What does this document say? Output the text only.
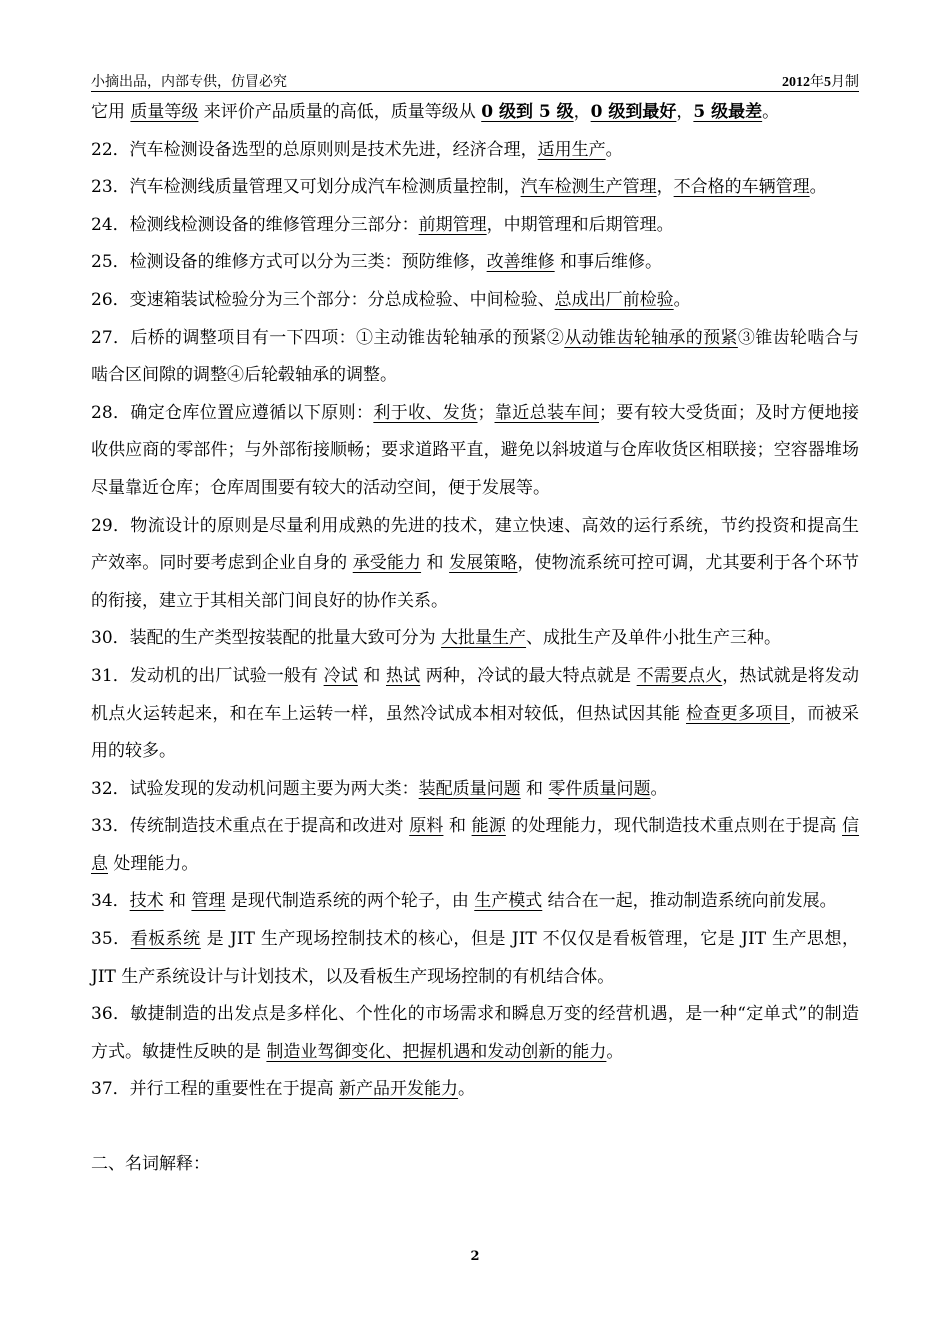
小摘出品，内部专供，仿冒必究	2012年5月制

它用 质量等级 来评价产品质量的高低，质量等级从 0 级到 5 级，0 级到最好，5 级最差。

22．汽车检测设备选型的总原则则是技术先进，经济合理，适用生产。

23．汽车检测线质量管理又可划分成汽车检测质量控制，汽车检测生产管理，不合格的车辆管理。

24．检测线检测设备的维修管理分三部分：前期管理，中期管理和后期管理。

25．检测设备的维修方式可以分为三类：预防维修，改善维修 和事后维修。

26．变速箱装试检验分为三个部分：分总成检验、中间检验、总成出厂前检验。

27．后桥的调整项目有一下四项：①主动锥齿轮轴承的预紧②从动锥齿轮轴承的预紧③锥齿轮啮合与啮合区间隙的调整④后轮毂轴承的调整。

28．确定仓库位置应遵循以下原则：利于收、发货；靠近总装车间；要有较大受货面；及时方便地接收供应商的零部件；与外部衔接顺畅；要求道路平直，避免以斜坡道与仓库收货区相联接；空容器堆场尽量靠近仓库；仓库周围要有较大的活动空间，便于发展等。

29．物流设计的原则是尽量利用成熟的先进的技术，建立快速、高效的运行系统，节约投资和提高生产效率。同时要考虑到企业自身的 承受能力 和 发展策略，使物流系统可控可调，尤其要利于各个环节的衔接，建立于其相关部门间良好的协作关系。

30．装配的生产类型按装配的批量大致可分为 大批量生产、成批生产及单件小批生产三种。

31．发动机的出厂试验一般有 冷试 和 热试 两种，冷试的最大特点就是 不需要点火，热试就是将发动机点火运转起来，和在车上运转一样，虽然冷试成本相对较低，但热试因其能 检查更多项目，而被采用的较多。

32．试验发现的发动机问题主要为两大类：装配质量问题 和 零件质量问题。

33．传统制造技术重点在于提高和改进对 原料 和 能源 的处理能力，现代制造技术重点则在于提高 信息 处理能力。

34．技术 和 管理 是现代制造系统的两个轮子，由 生产模式 结合在一起，推动制造系统向前发展。

35．看板系统 是 JIT 生产现场控制技术的核心，但是 JIT 不仅仅是看板管理，它是 JIT 生产思想，JIT 生产系统设计与计划技术，以及看板生产现场控制的有机结合体。

36．敏捷制造的出发点是多样化、个性化的市场需求和瞬息万变的经营机遇，是一种“定单式”的制造方式。敏捷性反映的是 制造业驾御变化、把握机遇和发动创新的能力。

37．并行工程的重要性在于提高 新产品开发能力。

二、名词解释：

2
